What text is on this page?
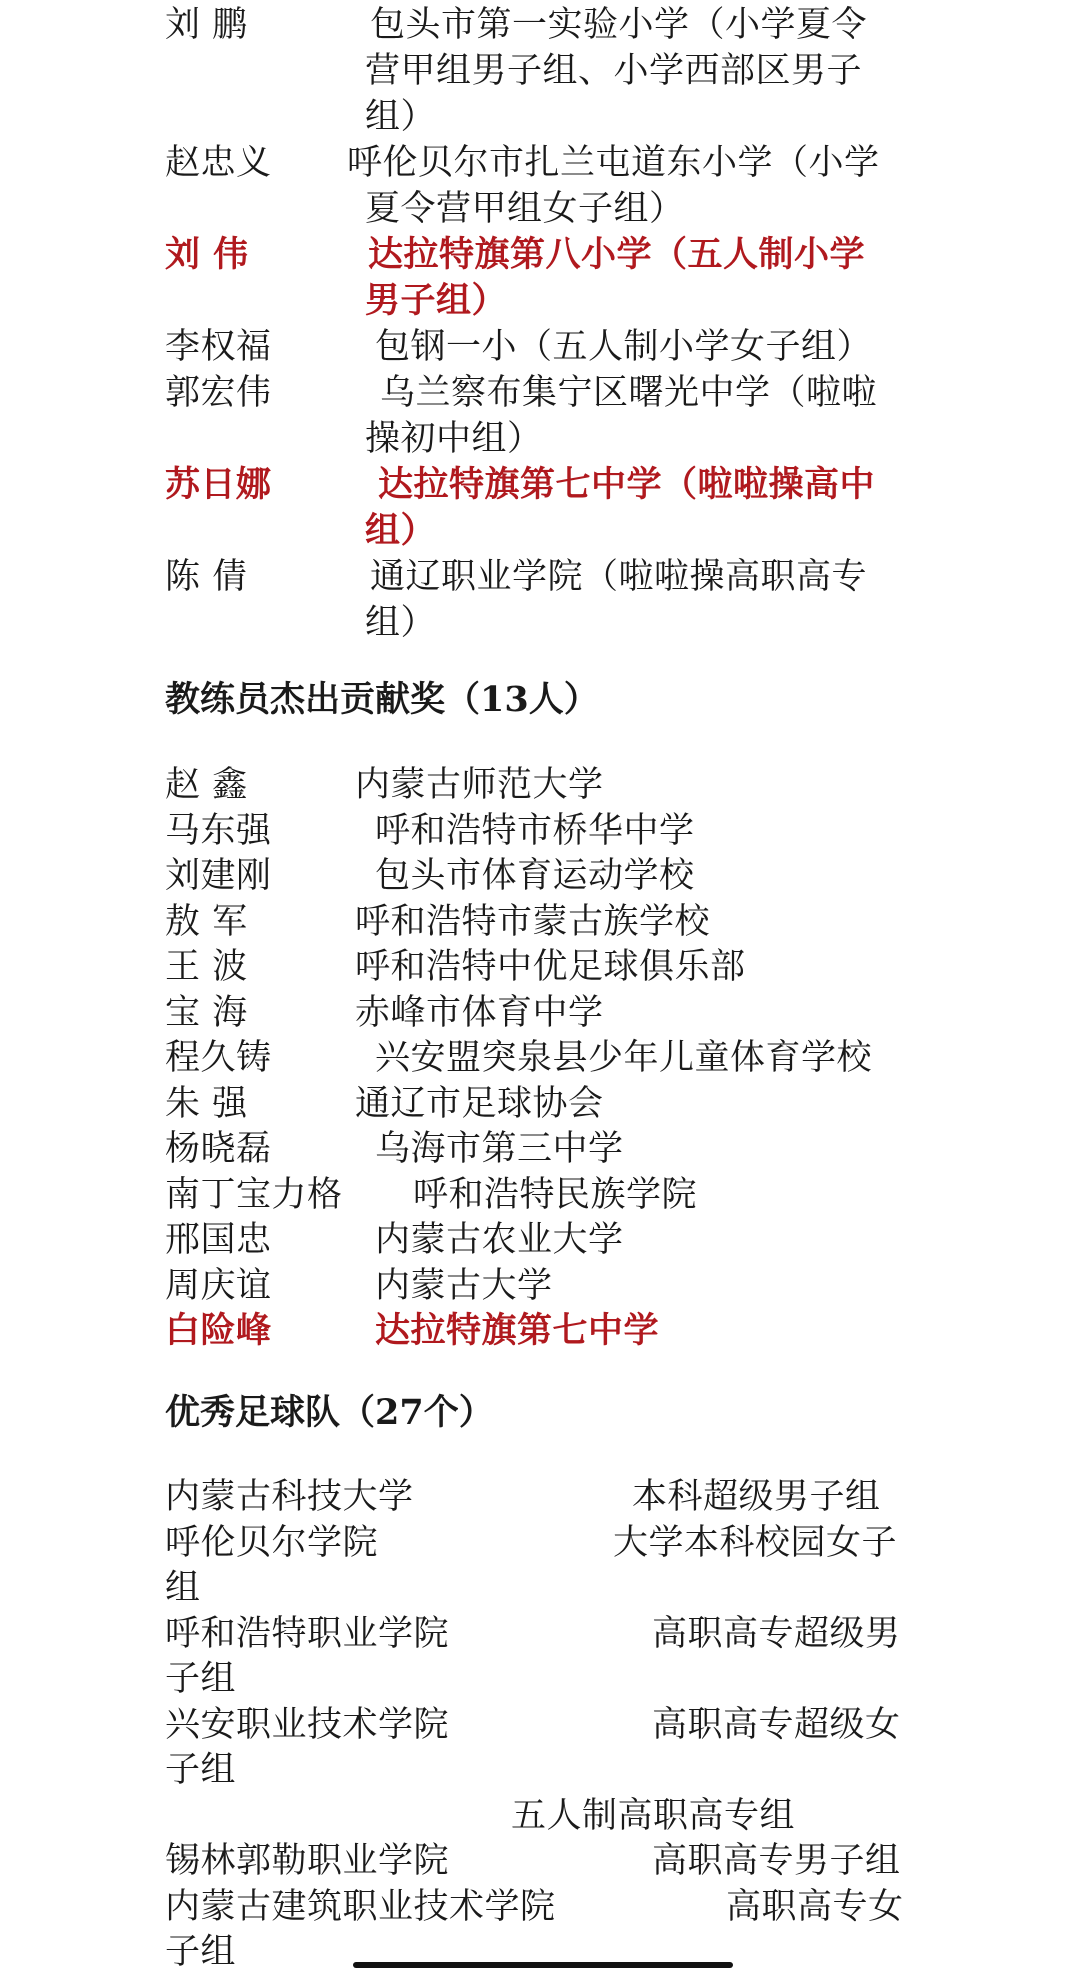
刘 鹏	包头市第一实验小学（小学夏令
营甲组男子组、小学西部区男子
组）
赵忠义 呼伦贝尔市扎兰屯道东小学（小学
夏令营甲组女子组）
刘 伟	达拉特旗第八小学（五人制小学
男子组）
李权福	包钢一小（五人制小学女子组）
郭宏伟	乌兰察布集宁区曙光中学（啦啦
操初中组）
苏日娜	达拉特旗第七中学（啦啦操高中
组）
陈 倩	通辽职业学院（啦啦操高职高专
组）
赵 鑫	内蒙古师范大学
马东强	呼和浩特市桥华中学
刘建刚	包头市体育运动学校
敖 军	呼和浩特市蒙古族学校
王 波	呼和浩特中优足球俱乐部
宝 海	赤峰市体育中学
程久铸	兴安盟突泉县少年儿童体育学校
朱 强	通辽市足球协会
杨晓磊	乌海市第三中学
南丁宝力格 呼和浩特民族学院
邢国忠	内蒙古农业大学
周庆谊	内蒙古大学
白险峰	达拉特旗第七中学
内蒙古科技大学	本科超级男子组
呼伦贝尔学院	大学本科校园女子
组
呼和浩特职业学院	高职高专超级男
子组
兴安职业技术学院	高职高专超级女
子组
五人制高职高专组
锡林郭勒职业学院	高职高专男子组
内蒙古建筑职业技术学院	高职高专女
子组
教练员杰出贡献奖（13人）
优秀足球队（27个）
